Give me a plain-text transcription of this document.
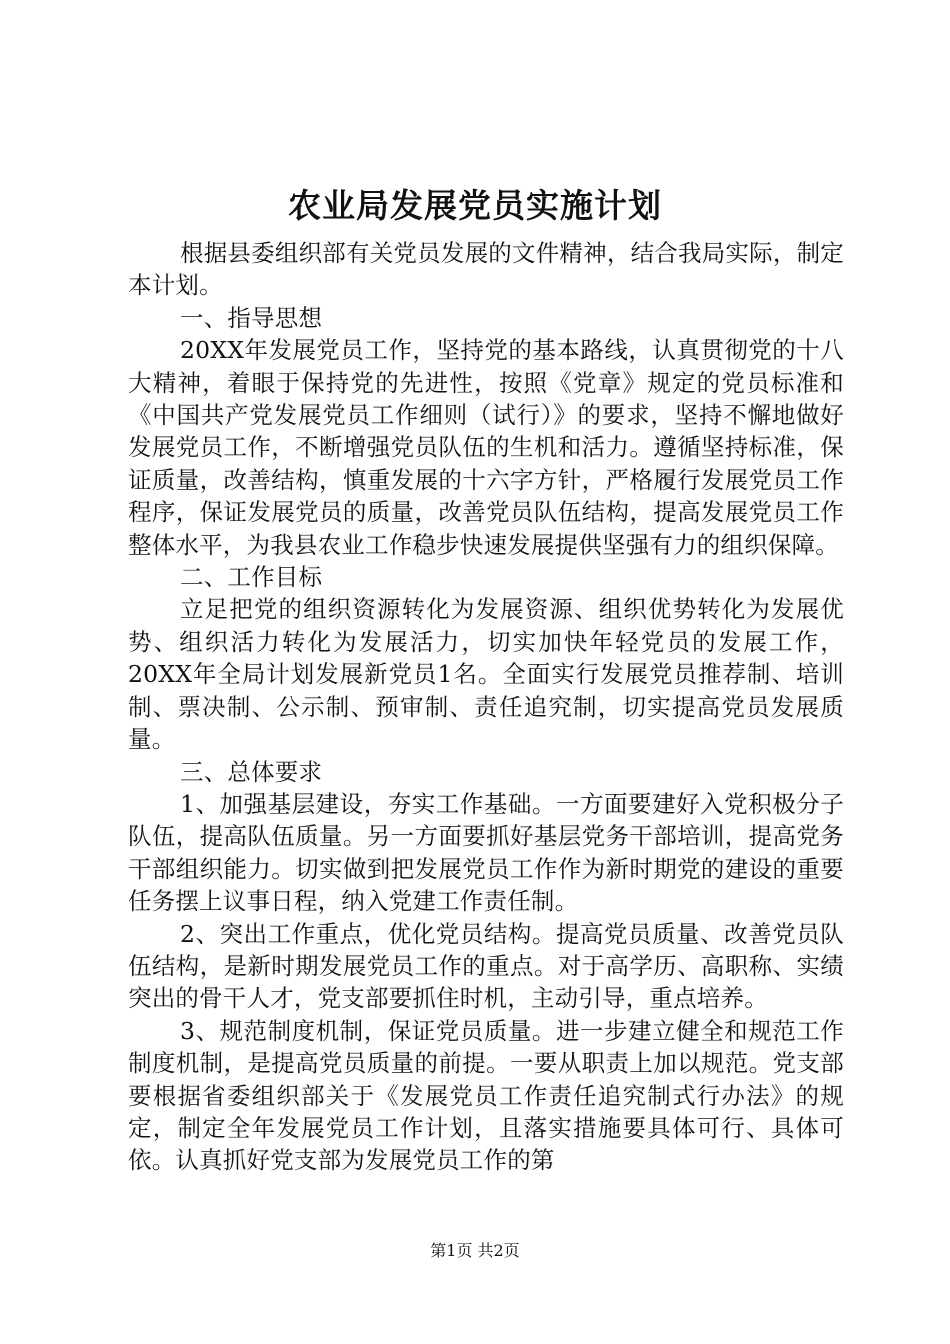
农业局发展党员实施计划

根据县委组织部有关党员发展的文件精神，结合我局实际，制定本计划。

一、指导思想

20XX年发展党员工作，坚持党的基本路线，认真贯彻党的十八大精神，着眼于保持党的先进性，按照《党章》规定的党员标准和《中国共产党发展党员工作细则（试行）》的要求，坚持不懈地做好发展党员工作，不断增强党员队伍的生机和活力。遵循坚持标准，保证质量，改善结构，慎重发展的十六字方针，严格履行发展党员工作程序，保证发展党员的质量，改善党员队伍结构，提高发展党员工作整体水平，为我县农业工作稳步快速发展提供坚强有力的组织保障。

二、工作目标

立足把党的组织资源转化为发展资源、组织优势转化为发展优势、组织活力转化为发展活力，切实加快年轻党员的发展工作，20XX年全局计划发展新党员1名。全面实行发展党员推荐制、培训制、票决制、公示制、预审制、责任追究制，切实提高党员发展质量。

三、总体要求

1、加强基层建设，夯实工作基础。一方面要建好入党积极分子队伍，提高队伍质量。另一方面要抓好基层党务干部培训，提高党务干部组织能力。切实做到把发展党员工作作为新时期党的建设的重要任务摆上议事日程，纳入党建工作责任制。

2、突出工作重点，优化党员结构。提高党员质量、改善党员队伍结构，是新时期发展党员工作的重点。对于高学历、高职称、实绩突出的骨干人才，党支部要抓住时机，主动引导，重点培养。

3、规范制度机制，保证党员质量。进一步建立健全和规范工作制度机制，是提高党员质量的前提。一要从职责上加以规范。党支部要根据省委组织部关于《发展党员工作责任追究制式行办法》的规定，制定全年发展党员工作计划，且落实措施要具体可行、具体可依。认真抓好党支部为发展党员工作的第

第1页 共2页
